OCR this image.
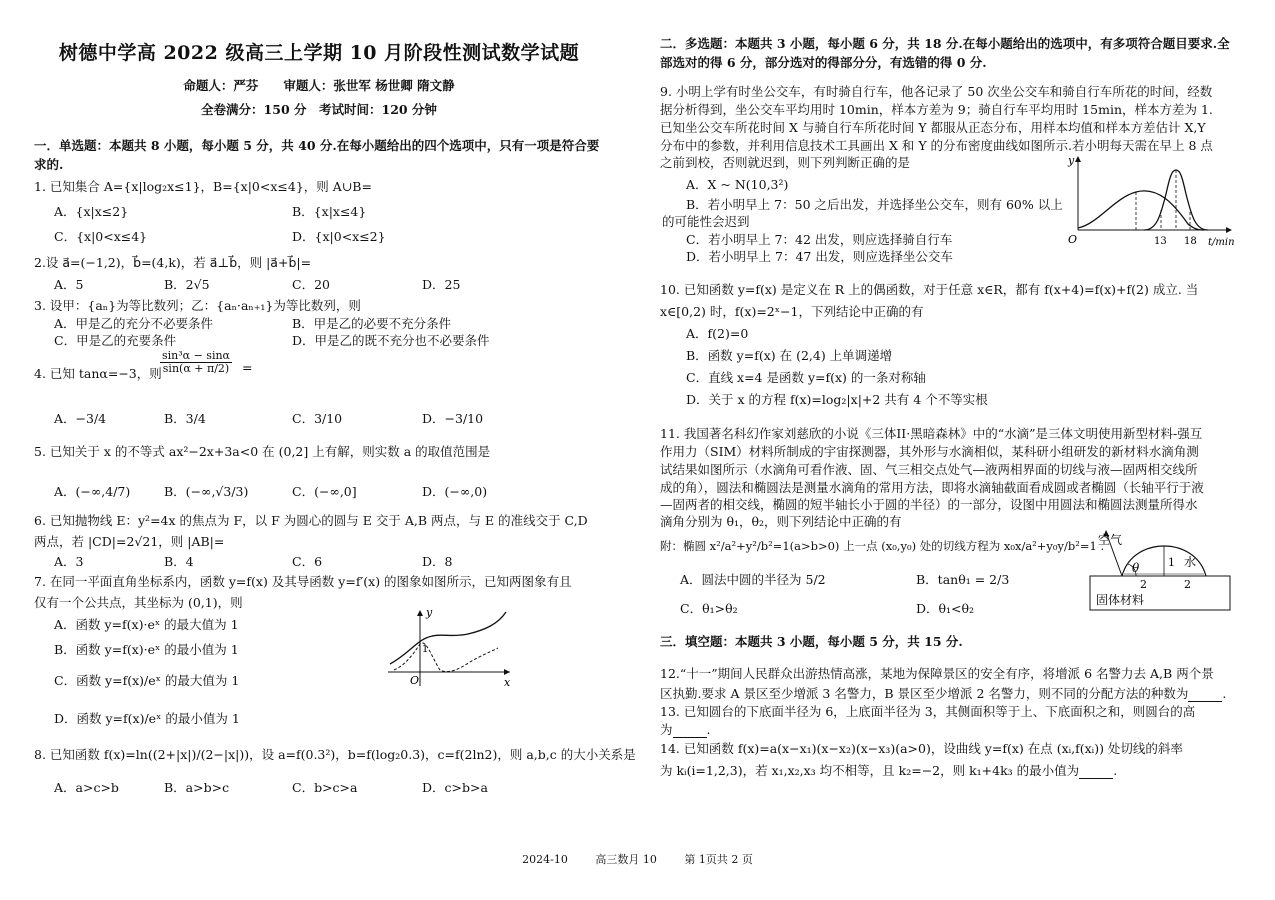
树德中学高 2022 级高三上学期 10 月阶段性测试数学试题
命题人：严芬　　审题人：张世军 杨世卿 隋文静
全卷满分：150 分　考试时间：120 分钟
一．单选题：本题共 8 小题，每小题 5 分，共 40 分.在每小题给出的四个选项中，只有一项是符合要求的.
1. 已知集合 A={x|log₂x≤1}，B={x|0<x≤4}，则 A∪B=
A．{x|x≤2}	B．{x|x≤4}
C．{x|0<x≤4}	D．{x|0<x≤2}
2.设 a⃗=(−1,2)，b⃗=(4,k)，若 a⃗⊥b⃗，则 |a⃗+b⃗|=
A．5	B．2√5	C．20	D．25
3. 设甲：{aₙ}为等比数列；乙：{aₙ·aₙ₊₁}为等比数列，则
A．甲是乙的充分不必要条件	B．甲是乙的必要不充分条件
C．甲是乙的充要条件	D．甲是乙的既不充分也不必要条件
4. 已知 tanα=−3，则
$\frac{\text{sin³α − sinα}}{\sin(\alpha + \pi/2)}$ =
A．−3/4	B．3/4	C．3/10	D．−3/10
5. 已知关于 x 的不等式 ax²−2x+3a<0 在 (0,2] 上有解，则实数 a 的取值范围是
A．(−∞,4/7)	B．(−∞,√3/3)	C．(−∞,0]	D．(−∞,0)
6. 已知抛物线 E：y²=4x 的焦点为 F，以 F 为圆心的圆与 E 交于 A,B 两点，与 E 的准线交于 C,D
两点，若 |CD|=2√21，则 |AB|=
A．3	B．4	C．6	D．8
7. 在同一平面直角坐标系内，函数 y=f(x) 及其导函数 y=f′(x) 的图象如图所示，已知两图象有且
仅有一个公共点，其坐标为 (0,1)，则
A．函数 y=f(x)·eˣ 的最大值为 1
B．函数 y=f(x)·eˣ 的最小值为 1
C．函数 y=f(x)/eˣ 的最大值为 1
D．函数 y=f(x)/eˣ 的最小值为 1
y
x
O
1
8. 已知函数 f(x)=ln((2+|x|)/(2−|x|))，设 a=f(0.3²)，b=f(log₂0.3)，c=f(2ln2)，则 a,b,c 的大小关系是
A．a>c>b	B．a>b>c	C．b>c>a	D．c>b>a
二．多选题：本题共 3 小题，每小题 6 分，共 18 分.在每小题给出的选项中，有多项符合题目要求.全部选对的得 6 分，部分选对的得部分分，有选错的得 0 分.
9. 小明上学有时坐公交车，有时骑自行车，他各记录了 50 次坐公交车和骑自行车所花的时间，经数
据分析得到，坐公交车平均用时 10min，样本方差为 9；骑自行车平均用时 15min，样本方差为 1.
已知坐公交车所花时间 X 与骑自行车所花时间 Y 都服从正态分布，用样本均值和样本方差估计 X,Y
分布中的参数，并利用信息技术工具画出 X 和 Y 的分布密度曲线如图所示.若小明每天需在早上 8 点
之前到校，否则就迟到，则下列判断正确的是
A．X ~ N(10,3²)
B．若小明早上 7：50 之后出发，并选择坐公交车，则有 60% 以上
的可能性会迟到
C．若小明早上 7：42 出发，则应选择骑自行车
D．若小明早上 7：47 出发，则应选择坐公交车
y
O	13 18 t/min
10. 已知函数 y=f(x) 是定义在 R 上的偶函数，对于任意 x∈R，都有 f(x+4)=f(x)+f(2) 成立. 当
x∈[0,2) 时，f(x)=2ˣ−1，下列结论中正确的有
A．f(2)=0
B．函数 y=f(x) 在 (2,4) 上单调递增
C．直线 x=4 是函数 y=f(x) 的一条对称轴
D．关于 x 的方程 f(x)=log₂|x|+2 共有 4 个不等实根
11. 我国著名科幻作家刘慈欣的小说《三体II·黑暗森林》中的“水滴”是三体文明使用新型材料-强互
作用力（SIM）材料所制成的宇宙探测器，其外形与水滴相似，某科研小组研发的新材料水滴角测
试结果如图所示（水滴角可看作液、固、气三相交点处气—液两相界面的切线与液—固两相交线所
成的角），圆法和椭圆法是测量水滴角的常用方法，即将水滴轴截面看成圆或者椭圆（长轴平行于液
—固两者的相交线，椭圆的短半轴长小于圆的半径）的一部分，设图中用圆法和椭圆法测量所得水
滴角分别为 θ₁，θ₂，则下列结论中正确的有
附：椭圆 x²/a²+y²/b²=1(a>b>0) 上一点 (x₀,y₀) 处的切线方程为 x₀x/a²+y₀y/b²=1 .
A．圆法中圆的半径为 5/2	B．tanθ₁ = 2/3
C．θ₁>θ₂	D．θ₁<θ₂
空气
θ	1 水
2	2
固体材料
三．填空题：本题共 3 小题，每小题 5 分，共 15 分.
12.“十一”期间人民群众出游热情高涨，某地为保障景区的安全有序，将增派 6 名警力去 A,B 两个景
区执勤.要求 A 景区至少增派 3 名警力，B 景区至少增派 2 名警力，则不同的分配方法的种数为	.
13. 已知圆台的下底面半径为 6，上底面半径为 3，其侧面积等于上、下底面积之和，则圆台的高
为	.
14. 已知函数 f(x)=a(x−x₁)(x−x₂)(x−x₃)(a>0)，设曲线 y=f(x) 在点 (xᵢ,f(xᵢ)) 处切线的斜率
为 kᵢ(i=1,2,3)，若 x₁,x₂,x₃ 均不相等，且 k₂=−2，则 k₁+4k₃ 的最小值为	.
2024-10	高三数月 10	第 1页共 2 页
